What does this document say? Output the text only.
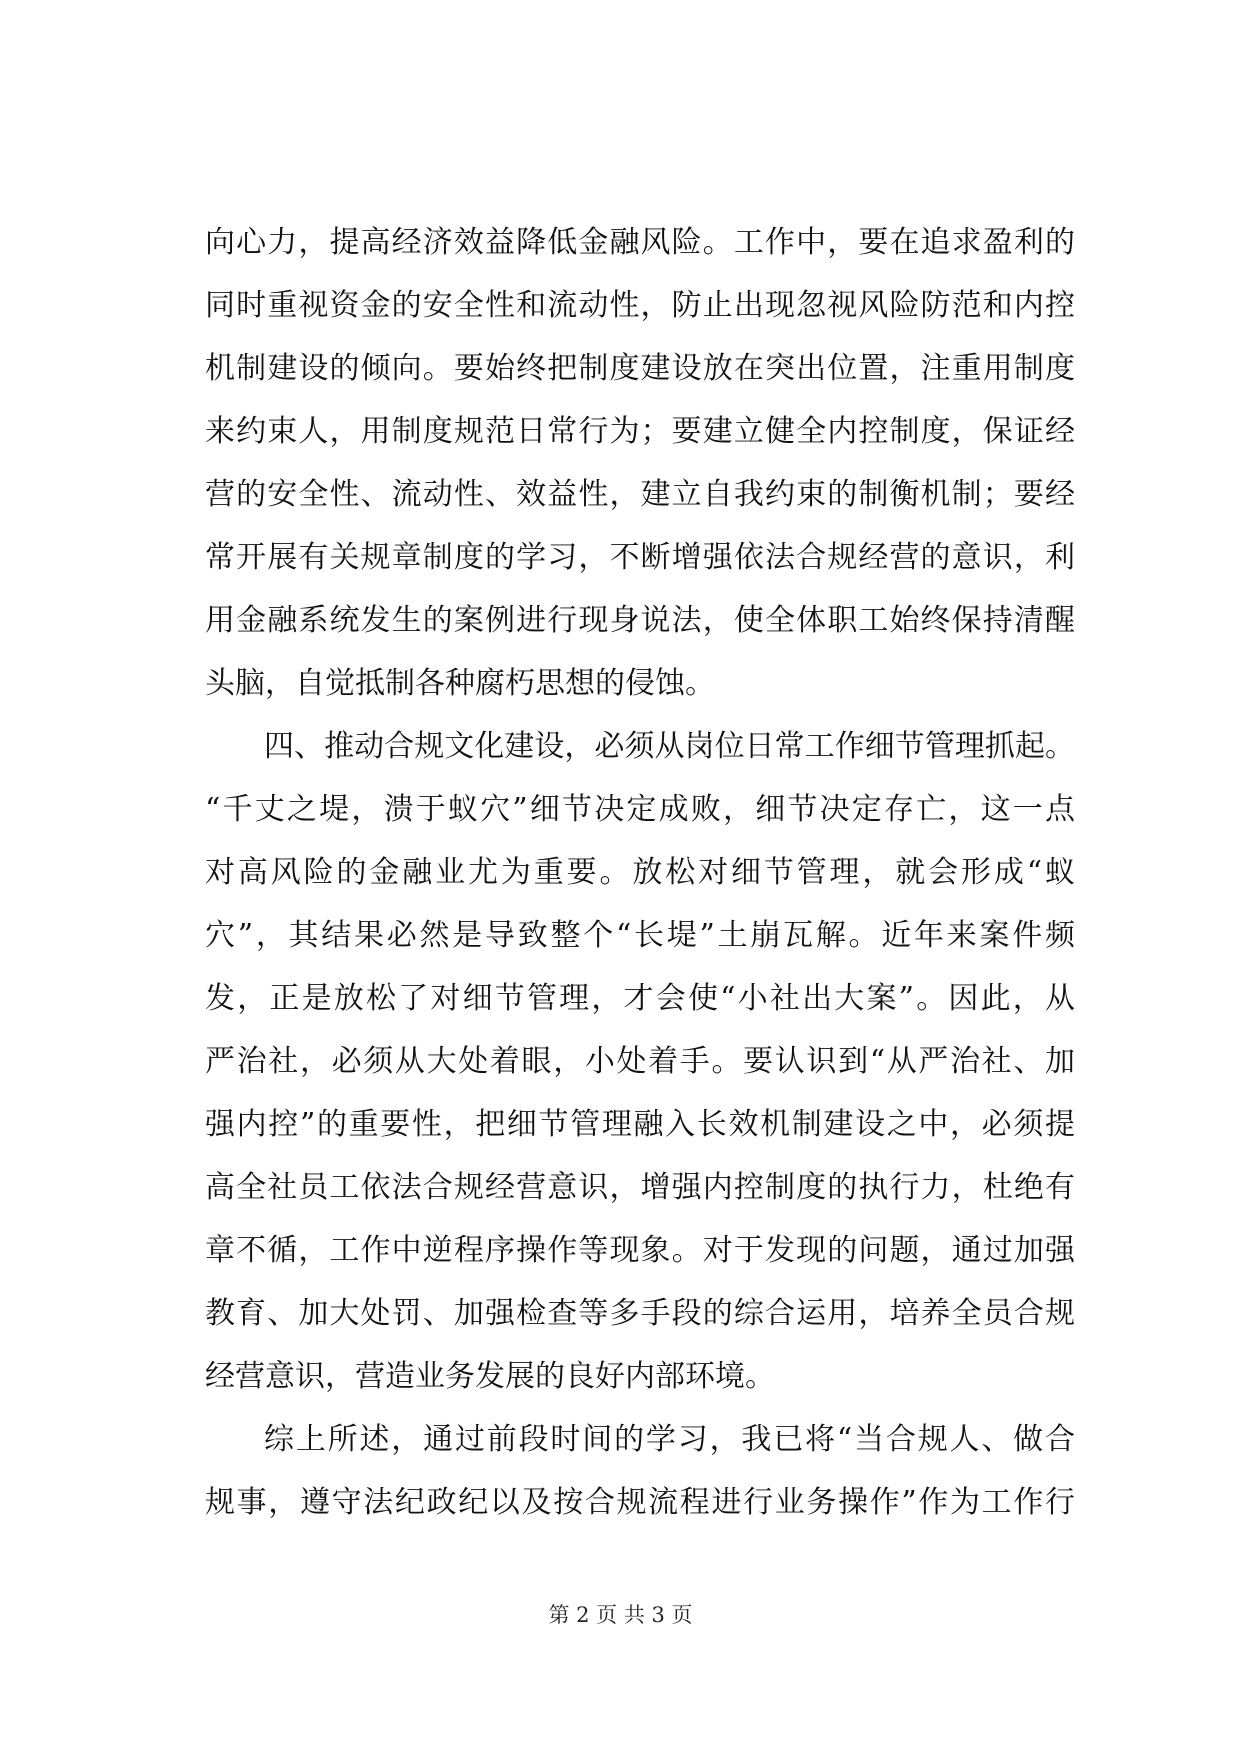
向心力，提高经济效益降低金融风险。工作中，要在追求盈利的
同时重视资金的安全性和流动性，防止出现忽视风险防范和内控
机制建设的倾向。要始终把制度建设放在突出位置，注重用制度
来约束人，用制度规范日常行为；要建立健全内控制度，保证经
营的安全性、流动性、效益性，建立自我约束的制衡机制；要经
常开展有关规章制度的学习，不断增强依法合规经营的意识，利
用金融系统发生的案例进行现身说法，使全体职工始终保持清醒
头脑，自觉抵制各种腐朽思想的侵蚀。
四、推动合规文化建设，必须从岗位日常工作细节管理抓起。
“千丈之堤，溃于蚁穴”细节决定成败，细节决定存亡，这一点
对高风险的金融业尤为重要。放松对细节管理，就会形成“蚁
穴”，其结果必然是导致整个“长堤”土崩瓦解。近年来案件频
发，正是放松了对细节管理，才会使“小社出大案”。因此，从
严治社，必须从大处着眼，小处着手。要认识到“从严治社、加
强内控”的重要性，把细节管理融入长效机制建设之中，必须提
高全社员工依法合规经营意识，增强内控制度的执行力，杜绝有
章不循，工作中逆程序操作等现象。对于发现的问题，通过加强
教育、加大处罚、加强检查等多手段的综合运用，培养全员合规
经营意识，营造业务发展的良好内部环境。
综上所述，通过前段时间的学习，我已将“当合规人、做合
规事，遵守法纪政纪以及按合规流程进行业务操作”作为工作行
第 2 页 共 3 页
